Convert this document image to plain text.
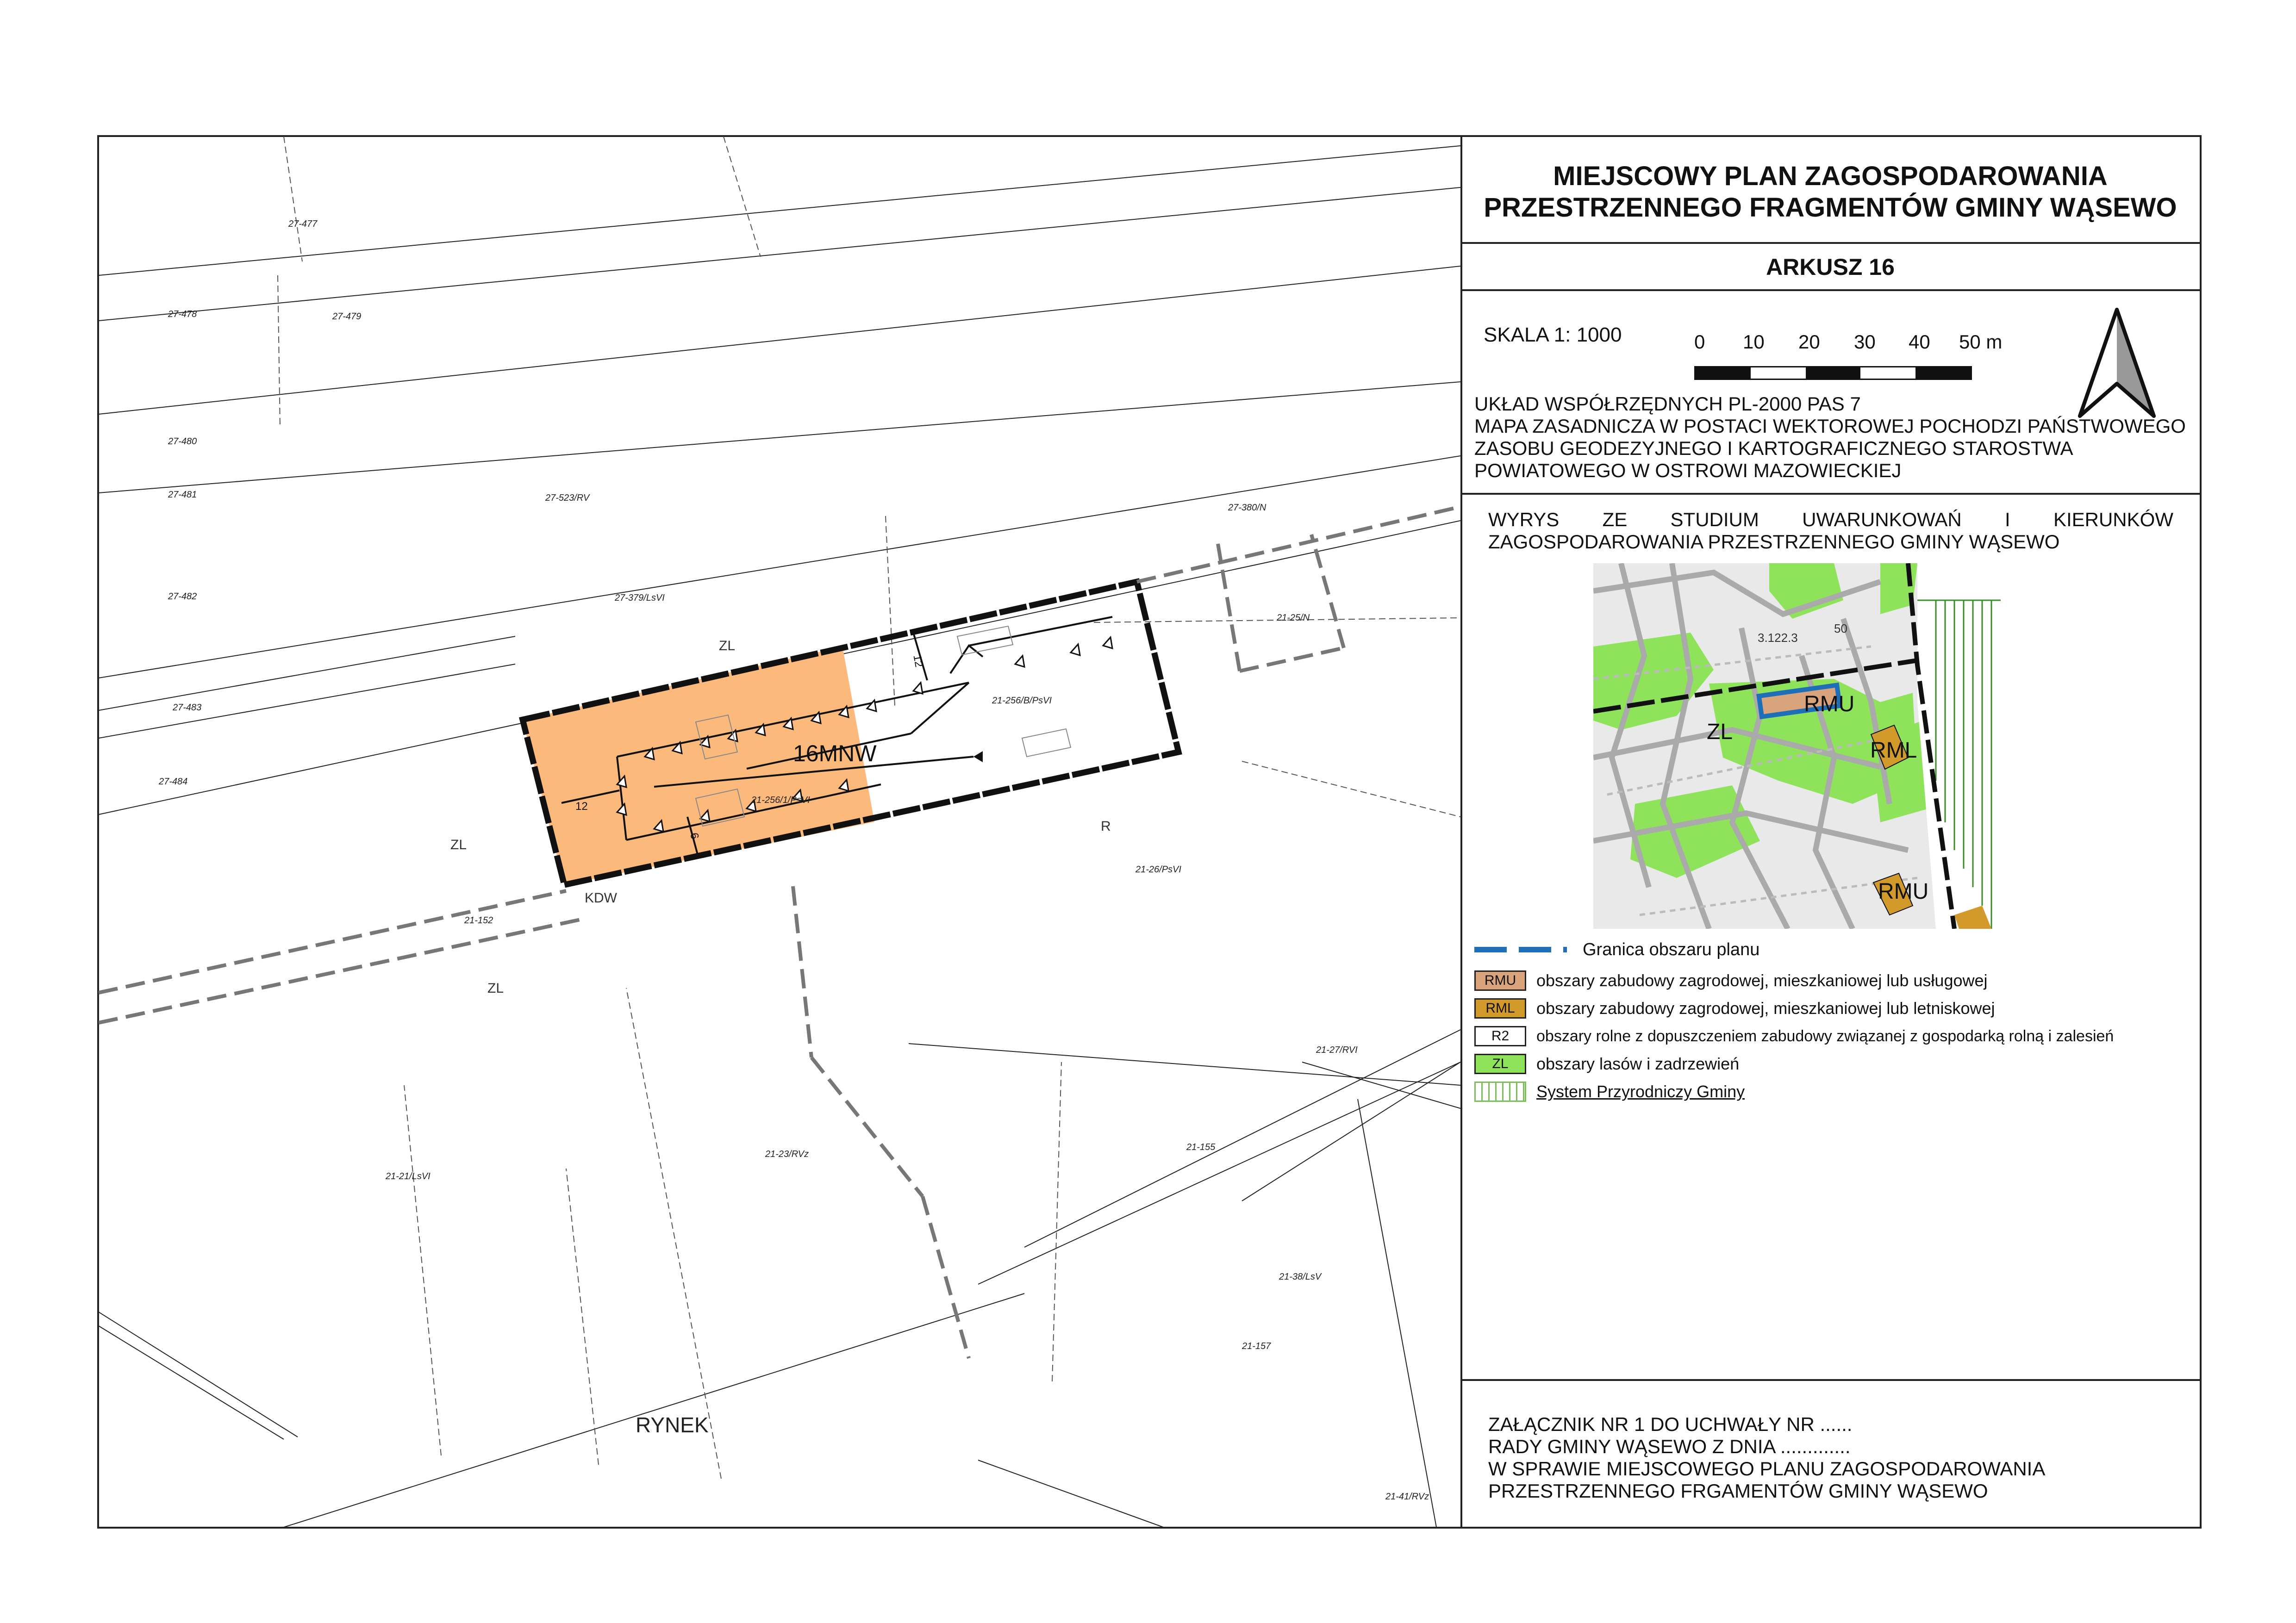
16MNW
12
12
6
ZL
ZL
ZL
KDW
R
RYNEK
27-477
27-478	27-479
27-480
27-481
27-482
27-483
27-484
27-523/RV
27-379/LsVI
27-380/N
21-25/N
21-256/B/PsVI
21-256/1/PsVI
21-26/PsVI
21-152
21-27/RVI
21-21/LsVI
21-23/RVz
21-155
21-38/LsV
21-157
21-41/RVz
MIEJSCOWY PLAN ZAGOSPODAROWANIA
PRZESTRZENNEGO FRAGMENTÓW GMINY WĄSEWO
ARKUSZ 16
SKALA 1: 1000	0 10 20 30 40 50 m
UKŁAD WSPÓŁRZĘDNYCH PL-2000 PAS 7
MAPA ZASADNICZA W POSTACI WEKTOROWEJ POCHODZI PAŃSTWOWEGO
ZASOBU GEODEZYJNEGO I KARTOGRAFICZNEGO STAROSTWA
POWIATOWEGO W OSTROWI MAZOWIECKIEJ
WYRYS ZE STUDIUM UWARUNKOWAŃ I KIERUNKÓW
ZAGOSPODAROWANIA PRZESTRZENNEGO GMINY WĄSEWO
ZL
RMU
RML
RMU
3.122.3
50
Granica obszaru planu
RMU	obszary zabudowy zagrodowej, mieszkaniowej lub usługowej
RML	obszary zabudowy zagrodowej, mieszkaniowej lub letniskowej
R2	obszary rolne z dopuszczeniem zabudowy związanej z gospodarką rolną i zalesień
ZL	obszary lasów i zadrzewień
System Przyrodniczy Gminy
ZAŁĄCZNIK NR 1 DO UCHWAŁY NR ......
RADY GMINY WĄSEWO Z DNIA .............
W SPRAWIE MIEJSCOWEGO PLANU ZAGOSPODAROWANIA
PRZESTRZENNEGO FRGAMENTÓW GMINY WĄSEWO
